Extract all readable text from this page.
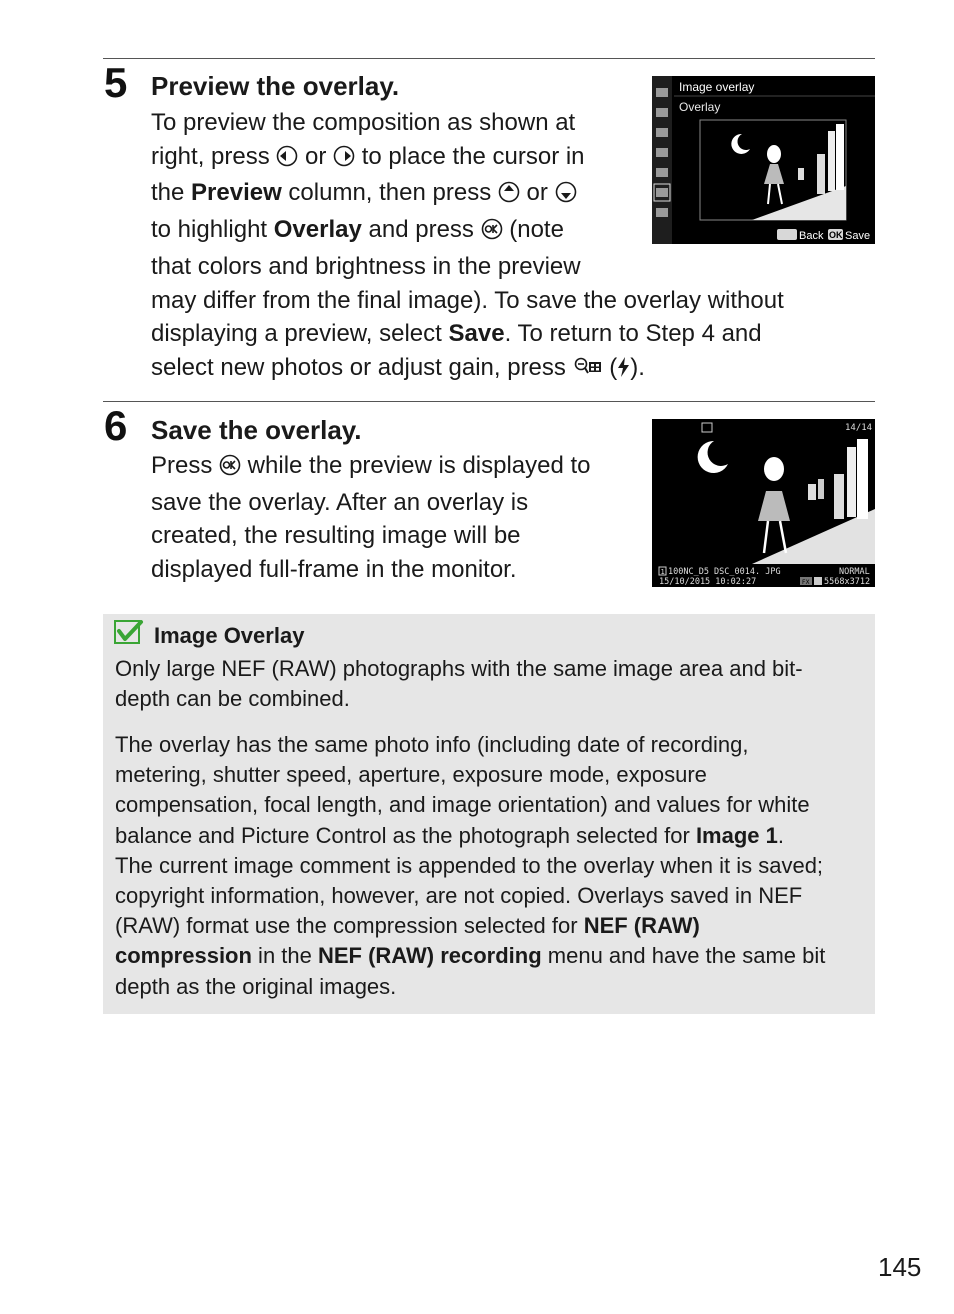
5 Preview the overlay.
To preview the composition as shown at
right, press  or  to place the cursor in
the Preview column, then press  or
to highlight Overlay and press  (note
that colors and brightness in the preview
may differ from the final image). To save the overlay without
displaying a preview, select Save. To return to Step 4 and
select new photos or adjust gain, press  ( ).
Image overlay
Overlay
Back OK Save
6 Save the overlay.
Press  while the preview is displayed to
save the overlay. After an overlay is
created, the resulting image will be
displayed full-frame in the monitor.
14/14
1 100NC_D5 DSC_0014. JPG	NORMAL
15/10/2015 10:02:27	FX 5568x3712
Image Overlay
Only large NEF (RAW) photographs with the same image area and bit-
depth can be combined.
The overlay has the same photo info (including date of recording,
metering, shutter speed, aperture, exposure mode, exposure
compensation, focal length, and image orientation) and values for white
balance and Picture Control as the photograph selected for Image 1.
The current image comment is appended to the overlay when it is saved;
copyright information, however, are not copied. Overlays saved in NEF
(RAW) format use the compression selected for NEF (RAW)
compression in the NEF (RAW) recording menu and have the same bit
depth as the original images.
145
